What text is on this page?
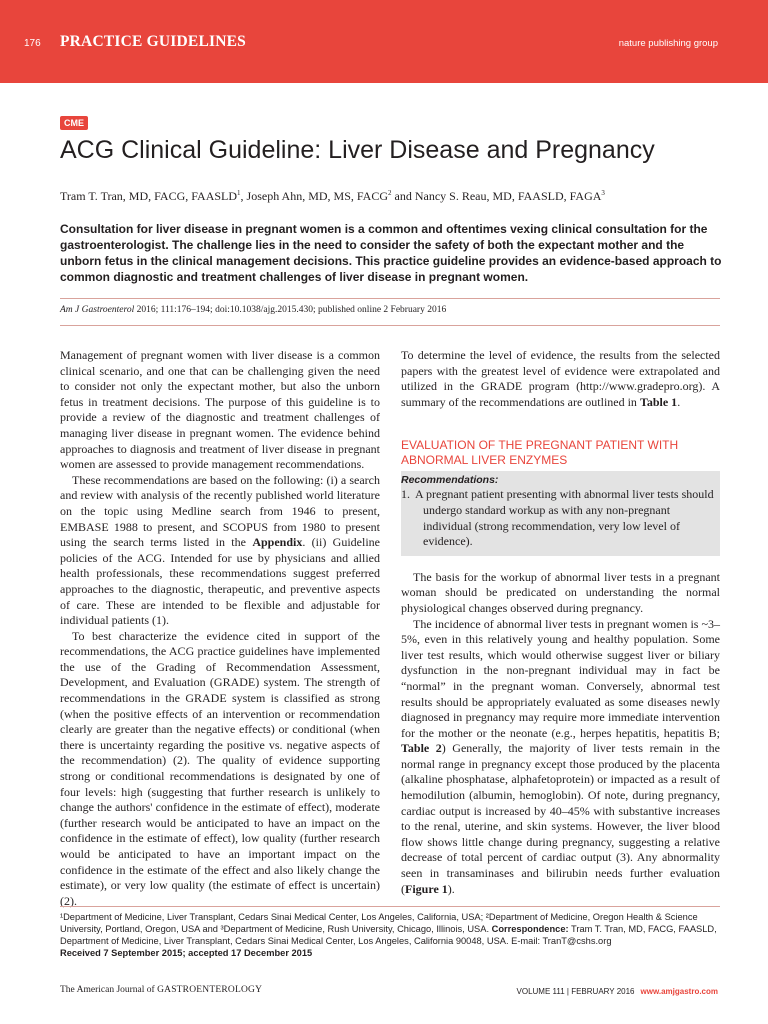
176 PRACTICE GUIDELINES	nature publishing group
CME
ACG Clinical Guideline: Liver Disease and Pregnancy
Tram T. Tran, MD, FACG, FAASLD$^1$, Joseph Ahn, MD, MS, FACG$^2$ and Nancy S. Reau, MD, FAASLD, FAGA$^3$

Consultation for liver disease in pregnant women is a common and oftentimes vexing clinical consultation for the gastroenterologist. The challenge lies in the need to consider the safety of both the expectant mother and the unborn fetus in the clinical management decisions. This practice guideline provides an evidence-based approach to common diagnostic and treatment challenges of liver disease in pregnant women.

Am J Gastroenterol 2016; 111:176–194; doi:10.1038/ajg.2015.430; published online 2 February 2016

Management of pregnant women with liver disease is a common clinical scenario, and one that can be challenging given the need to consider not only the expectant mother, but also the unborn fetus in treatment decisions. The purpose of this guideline is to provide a review of the diagnostic and treatment challenges of managing liver disease in pregnant women. The evidence behind approaches to diagnosis and treatment of liver disease in pregnant women are assessed to provide management recommendations.

These recommendations are based on the following: (i) a search and review with analysis of the recently published world literature on the topic using Medline search from 1946 to present, EMBASE 1988 to present, and SCOPUS from 1980 to present using the search terms listed in the Appendix. (ii) Guideline policies of the ACG. Intended for use by physicians and allied health professionals, these recommendations suggest preferred approaches to the diagnostic, therapeutic, and preventive aspects of care. These are intended to be flexible and adjustable for individual patients (1).

To best characterize the evidence cited in support of the recommendations, the ACG practice guidelines have implemented the use of the Grading of Recommendation Assessment, Development, and Evaluation (GRADE) system. The strength of recommendations in the GRADE system is classified as strong (when the positive effects of an intervention or recommendation clearly are greater than the negative effects) or conditional (when there is uncertainty regarding the positive vs. negative aspects of the recommendation) (2). The quality of evidence supporting strong or conditional recommendations is designated by one of four levels: high (suggesting that further research is unlikely to change the authors' confidence in the estimate of effect), moderate (further research would be anticipated to have an impact on the confidence in the estimate of effect), low quality (further research would be anticipated to have an important impact on the confidence in the estimate of the effect and also likely change the estimate), or very low quality (the estimate of effect is uncertain) (2).

To determine the level of evidence, the results from the selected papers with the greatest level of evidence were extrapolated and utilized in the GRADE program (http://www.gradepro.org). A summary of the recommendations are outlined in Table 1.

EVALUATION OF THE PREGNANT PATIENT WITH ABNORMAL LIVER ENZYMES
Recommendations:
1. A pregnant patient presenting with abnormal liver tests should undergo standard workup as with any non-pregnant individual (strong recommendation, very low level of evidence).

The basis for the workup of abnormal liver tests in a pregnant woman should be predicated on understanding the normal physiological changes observed during pregnancy.

The incidence of abnormal liver tests in pregnant women is ~3–5%, even in this relatively young and healthy population. Some liver test results, which would otherwise suggest liver or biliary dysfunction in the non-pregnant individual may in fact be “normal” in the pregnant woman. Conversely, abnormal test results should be appropriately evaluated as some diseases newly diagnosed in pregnancy may require more immediate intervention for the mother or the neonate (e.g., herpes hepatitis, hepatitis B; Table 2) Generally, the majority of liver tests remain in the normal range in pregnancy except those produced by the placenta (alkaline phosphatase, alphafetoprotein) or impacted as a result of hemodilution (albumin, hemoglobin). Of note, during pregnancy, cardiac output is increased by 40–45% with substantive increases to the renal, uterine, and skin systems. However, the liver blood flow shows little change during pregnancy, suggesting a relative decrease of total percent of cardiac output (3). Any abnormality seen in transaminases and bilirubin needs further evaluation (Figure 1).

¹Department of Medicine, Liver Transplant, Cedars Sinai Medical Center, Los Angeles, California, USA; ²Department of Medicine, Oregon Health & Science University, Portland, Oregon, USA and ³Department of Medicine, Rush University, Chicago, Illinois, USA. Correspondence: Tram T. Tran, MD, FACG, FAASLD, Department of Medicine, Liver Transplant, Cedars Sinai Medical Center, Los Angeles, California 90048, USA. E-mail: TranT@cshs.org
Received 7 September 2015; accepted 17 December 2015
The American Journal of GASTROENTEROLOGY	VOLUME 111 | FEBRUARY 2016 www.amjgastro.com
